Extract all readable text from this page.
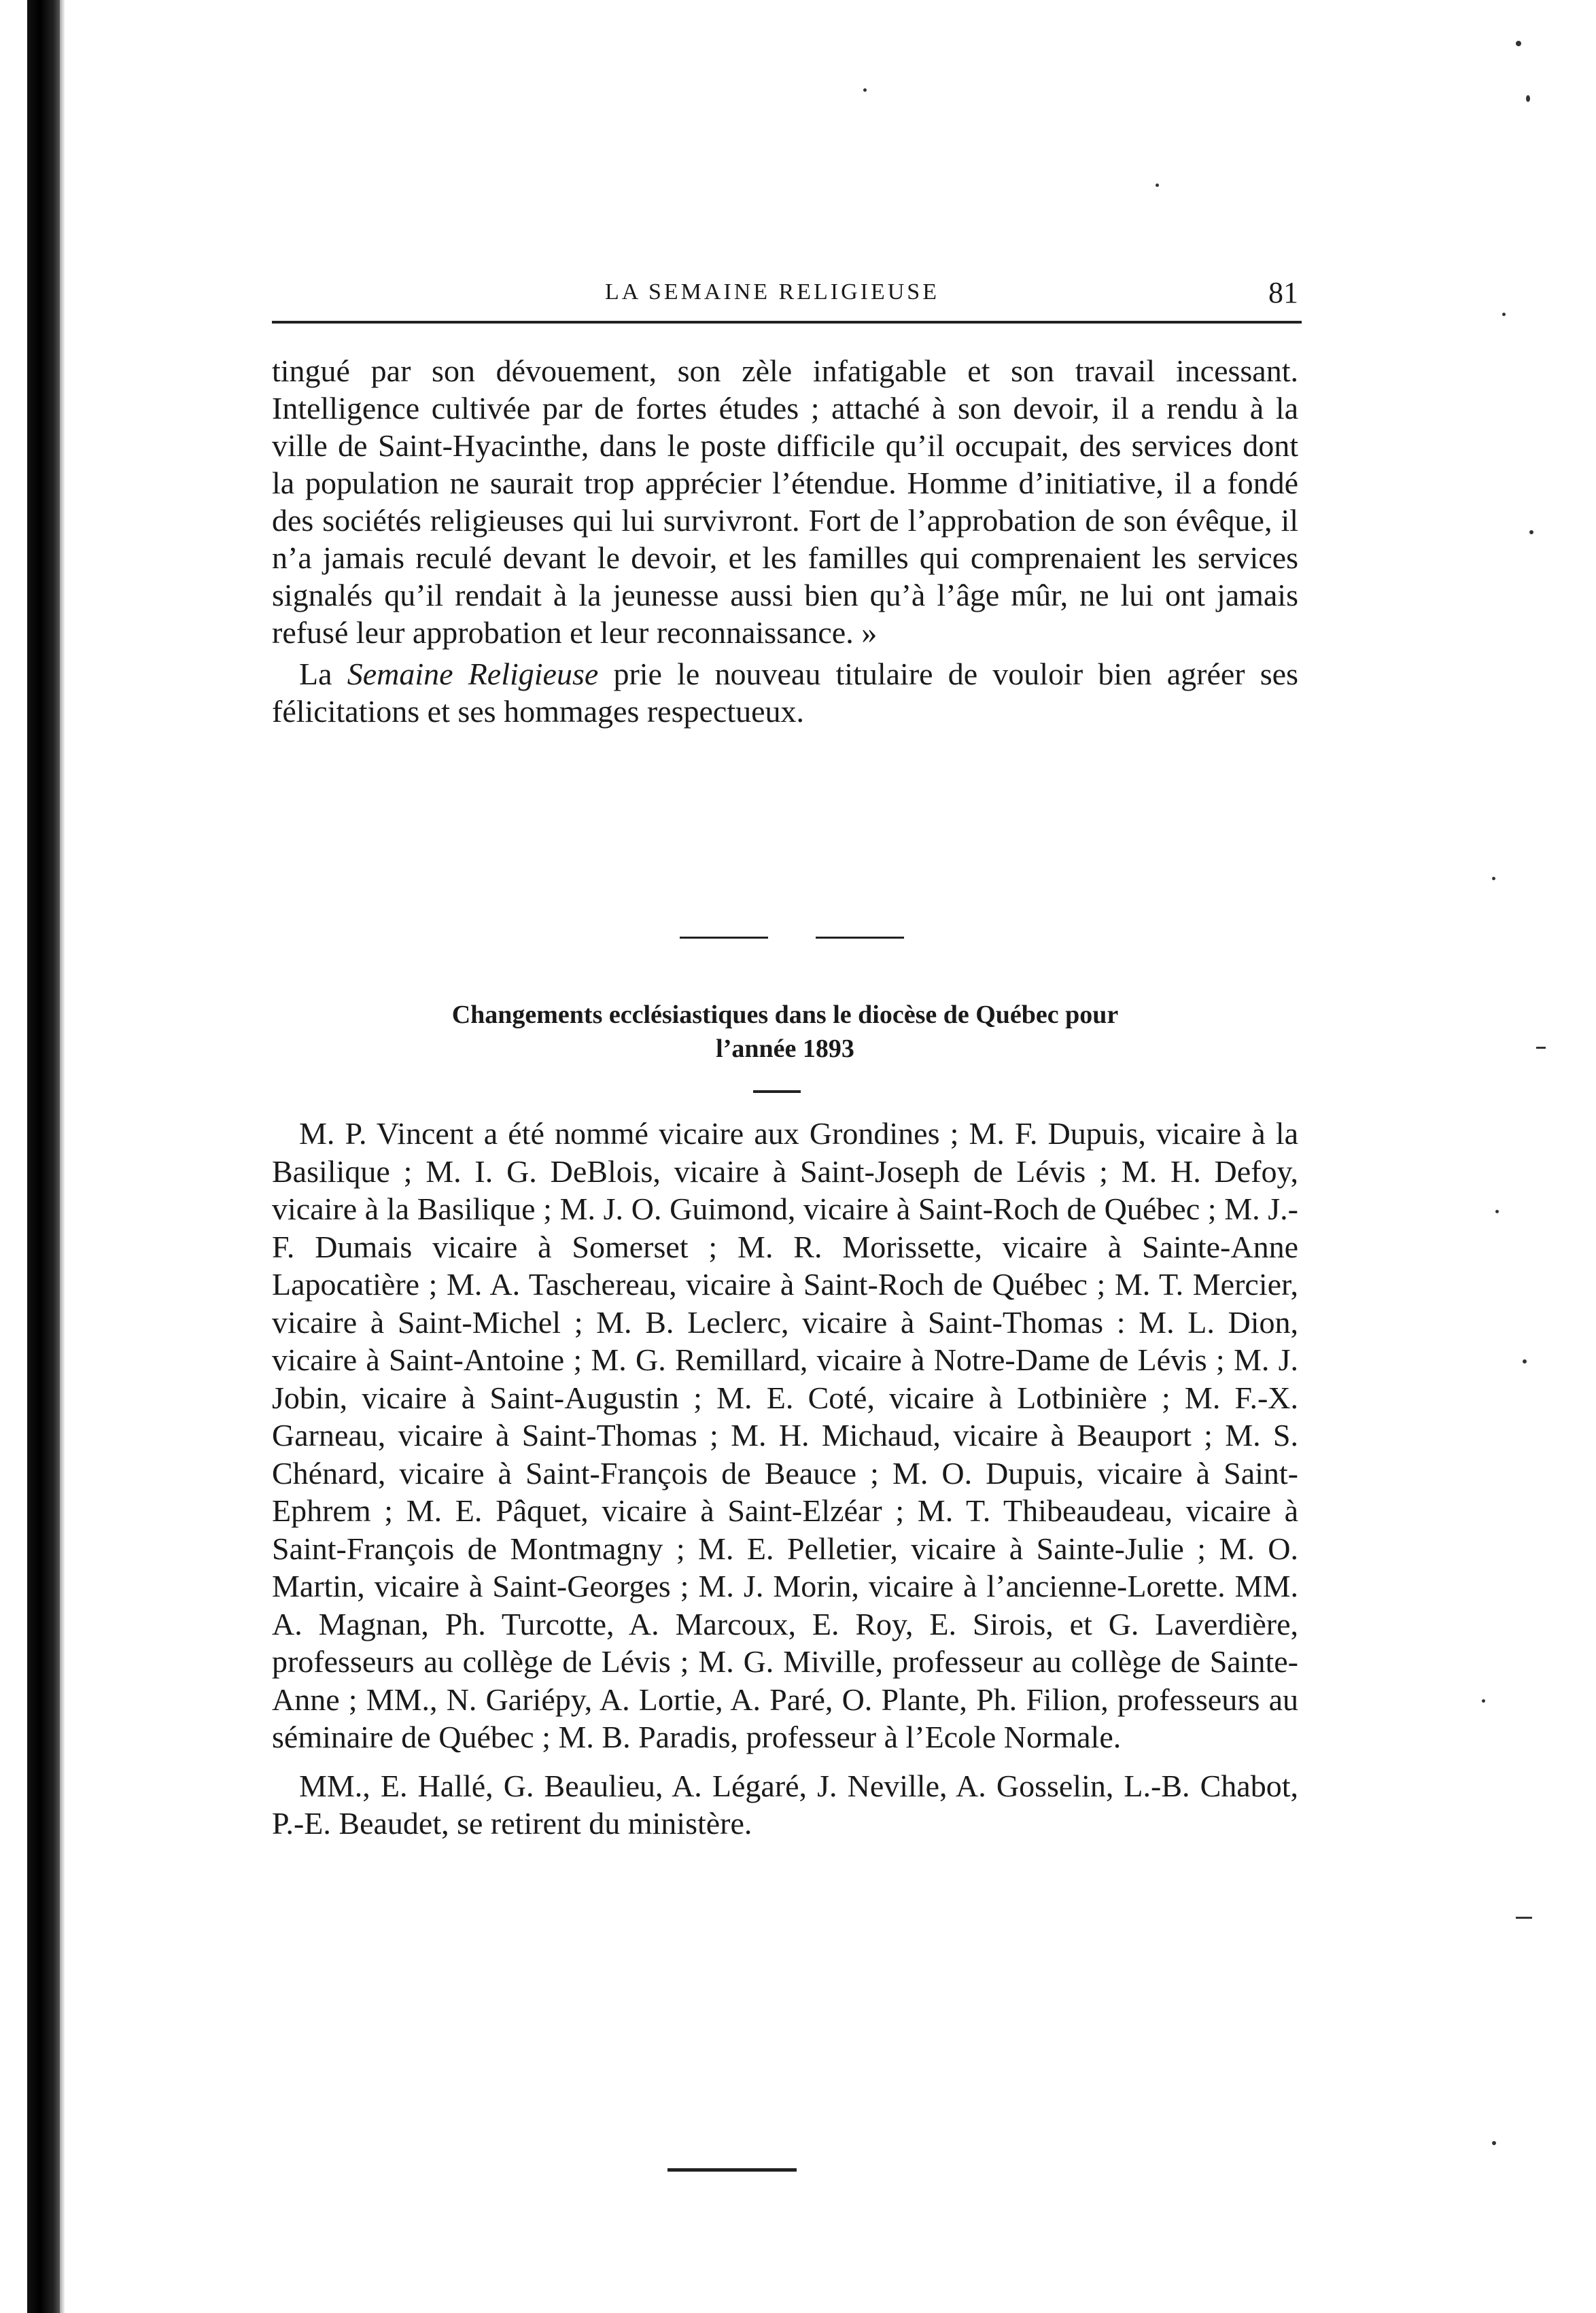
LA SEMAINE RELIGIEUSE	81

tingué par son dévouement, son zèle infatigable et son travail incessant. Intelligence cultivée par de fortes études ; attaché à son devoir, il a rendu à la ville de Saint-Hyacinthe, dans le poste difficile qu’il occupait, des services dont la population ne saurait trop apprécier l’étendue. Homme d’initiative, il a fondé des sociétés religieuses qui lui survivront. Fort de l’approbation de son évêque, il n’a jamais reculé devant le devoir, et les familles qui comprenaient les services signalés qu’il rendait à la jeunesse aussi bien qu’à l’âge mûr, ne lui ont jamais refusé leur approbation et leur reconnaissance. »

La Semaine Religieuse prie le nouveau titulaire de vouloir bien agréer ses félicitations et ses hommages respectueux.

Changements ecclésiastiques dans le diocèse de Québec pour
l’année 1893

M. P. Vincent a été nommé vicaire aux Grondines ; M. F. Dupuis, vicaire à la Basilique ; M. I. G. DeBlois, vicaire à Saint-Joseph de Lévis ; M. H. Defoy, vicaire à la Basilique ; M. J. O. Guimond, vicaire à Saint-Roch de Québec ; M. J.-F. Dumais vicaire à Somerset ; M. R. Morissette, vicaire à Sainte-Anne Lapocatière ; M. A. Taschereau, vicaire à Saint-Roch de Québec ; M. T. Mercier, vicaire à Saint-Michel ; M. B. Leclerc, vicaire à Saint-Thomas : M. L. Dion, vicaire à Saint-Antoine ; M. G. Remillard, vicaire à Notre-Dame de Lévis ; M. J. Jobin, vicaire à Saint-Augustin ; M. E. Coté, vicaire à Lotbinière ; M. F.-X. Garneau, vicaire à Saint-Thomas ; M. H. Michaud, vicaire à Beauport ; M. S. Chénard, vicaire à Saint-François de Beauce ; M. O. Dupuis, vicaire à Saint-Ephrem ; M. E. Pâquet, vicaire à Saint-Elzéar ; M. T. Thibeaudeau, vicaire à Saint-François de Montmagny ; M. E. Pelletier, vicaire à Sainte-Julie ; M. O. Martin, vicaire à Saint-Georges ; M. J. Morin, vicaire à l’ancienne-Lorette. MM. A. Magnan, Ph. Turcotte, A. Marcoux, E. Roy, E. Sirois, et G. Laverdière, professeurs au collège de Lévis ; M. G. Miville, professeur au collège de Sainte-Anne ; MM., N. Gariépy, A. Lortie, A. Paré, O. Plante, Ph. Filion, professeurs au séminaire de Québec ; M. B. Paradis, professeur à l’Ecole Normale.

MM., E. Hallé, G. Beaulieu, A. Légaré, J. Neville, A. Gosselin, L.-B. Chabot, P.-E. Beaudet, se retirent du ministère.
